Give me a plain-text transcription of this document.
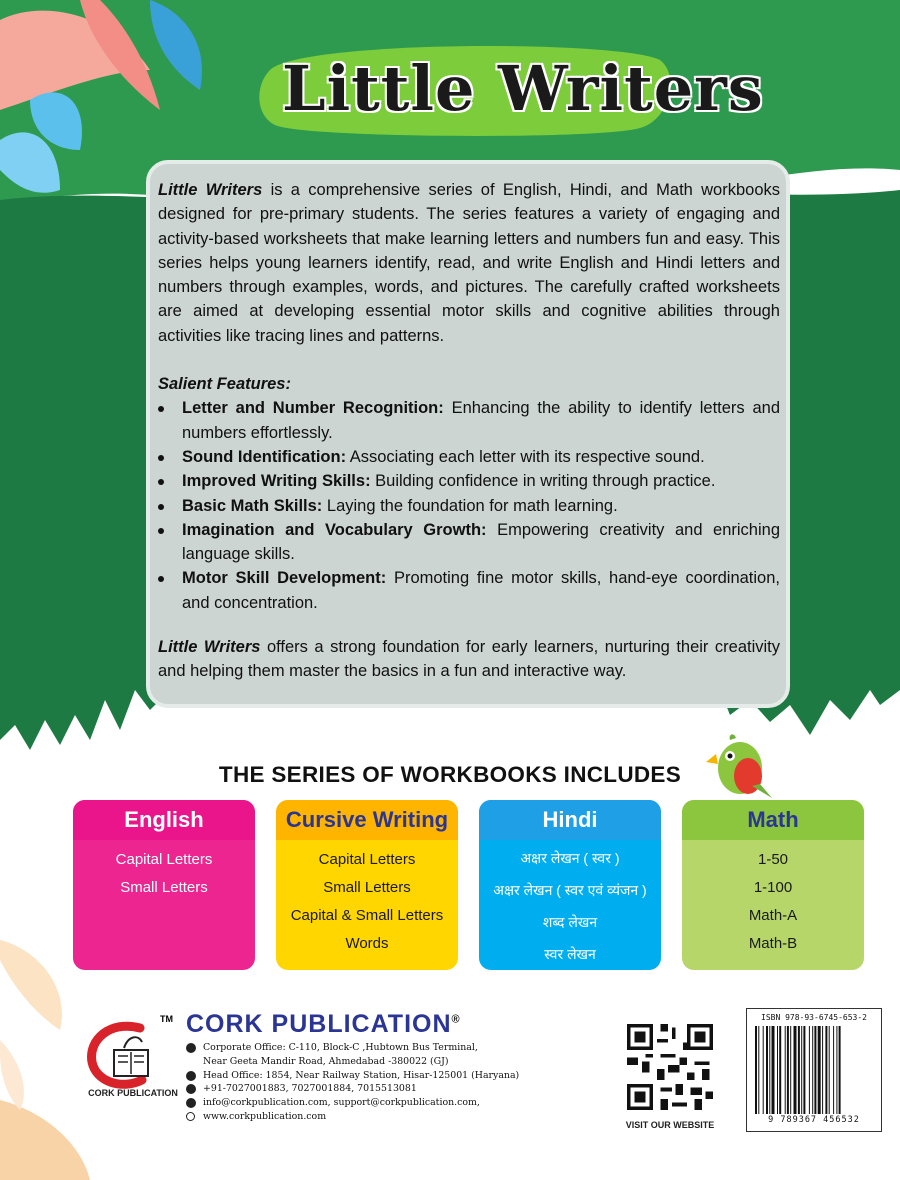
Little Writers

Little Writers is a comprehensive series of English, Hindi, and Math workbooks designed for pre-primary students. The series features a variety of engaging and activity-based worksheets that make learning letters and numbers fun and easy. This series helps young learners identify, read, and write English and Hindi letters and numbers through examples, words, and pictures. The carefully crafted worksheets are aimed at developing essential motor skills and cognitive abilities through activities like tracing lines and patterns.

Salient Features:

Letter and Number Recognition: Enhancing the ability to identify letters and numbers effortlessly.
Sound Identification: Associating each letter with its respective sound.
Improved Writing Skills: Building confidence in writing through practice.
Basic Math Skills: Laying the foundation for math learning.
Imagination and Vocabulary Growth: Empowering creativity and enriching language skills.
Motor Skill Development: Promoting fine motor skills, hand-eye coordination, and concentration.

Little Writers offers a strong foundation for early learners, nurturing their creativity and helping them master the basics in a fun and interactive way.

THE SERIES OF WORKBOOKS INCLUDES
English
Capital Letters
Small Letters
Cursive Writing
Capital Letters
Small Letters
Capital & Small Letters
Words
Hindi
अक्षर लेखन ( स्वर )
अक्षर लेखन ( स्वर एवं व्यंजन )
शब्द लेखन
स्वर लेखन
Math
1-50
1-100
Math-A
Math-B
CORK PUBLICATION
TM CORK PUBLICATION®
Corporate Office: C-110, Block-C ,Hubtown Bus Terminal,
Near Geeta Mandir Road, Ahmedabad -380022 (GJ)
Head Office: 1854, Near Railway Station, Hisar-125001 (Haryana)
+91-7027001883, 7027001884, 7015513081
info@corkpublication.com, support@corkpublication.com,
www.corkpublication.com
VISIT OUR WEBSITE
ISBN 978-93-6745-653-2
9 789367 456532
